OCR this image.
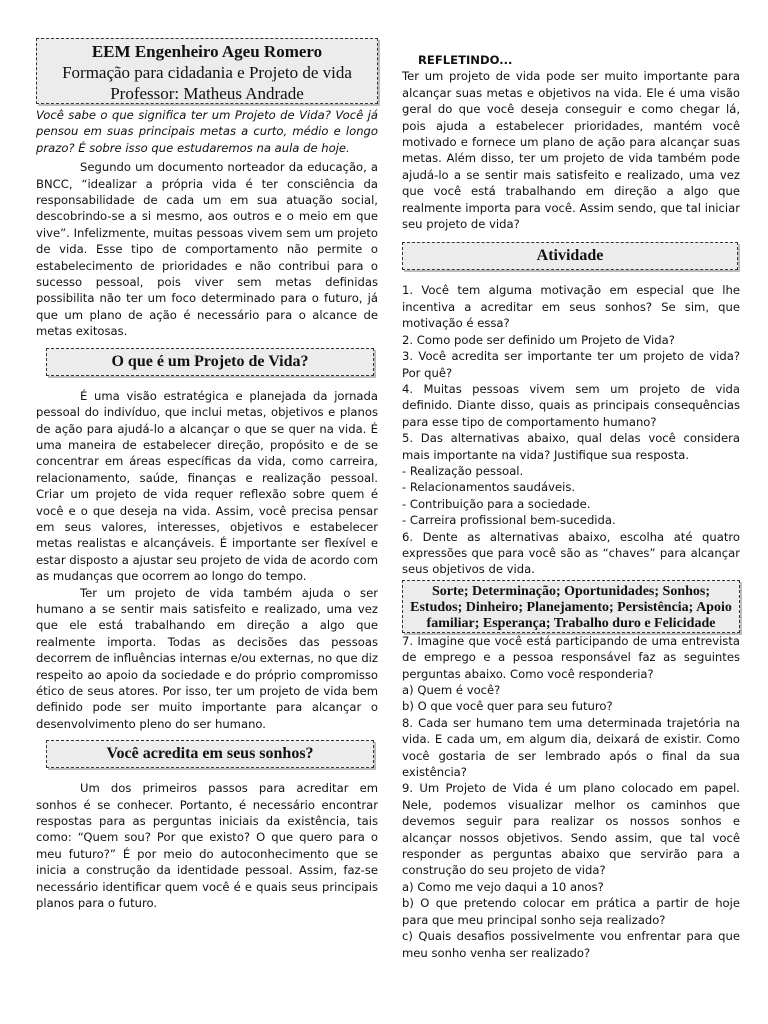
EEM Engenheiro Ageu Romero
Formação para cidadania e Projeto de vida
Professor: Matheus Andrade

Você sabe o que significa ter um Projeto de Vida? Você já pensou em suas principais metas a curto, médio e longo prazo? É sobre isso que estudaremos na aula de hoje.

Segundo um documento norteador da educação, a BNCC, “idealizar a própria vida é ter consciência da responsabilidade de cada um em sua atuação social, descobrindo-se a si mesmo, aos outros e o meio em que vive”. Infelizmente, muitas pessoas vivem sem um projeto de vida. Esse tipo de comportamento não permite o estabelecimento de prioridades e não contribui para o sucesso pessoal, pois viver sem metas definidas possibilita não ter um foco determinado para o futuro, já que um plano de ação é necessário para o alcance de metas exitosas.

O que é um Projeto de Vida?

É uma visão estratégica e planejada da jornada pessoal do indivíduo, que inclui metas, objetivos e planos de ação para ajudá-lo a alcançar o que se quer na vida. É uma maneira de estabelecer direção, propósito e de se concentrar em áreas específicas da vida, como carreira, relacionamento, saúde, finanças e realização pessoal. Criar um projeto de vida requer reflexão sobre quem é você e o que deseja na vida. Assim, você precisa pensar em seus valores, interesses, objetivos e estabelecer metas realistas e alcançáveis. É importante ser flexível e estar disposto a ajustar seu projeto de vida de acordo com as mudanças que ocorrem ao longo do tempo.

Ter um projeto de vida também ajuda o ser humano a se sentir mais satisfeito e realizado, uma vez que ele está trabalhando em direção a algo que realmente importa. Todas as decisões das pessoas decorrem de influências internas e/ou externas, no que diz respeito ao apoio da sociedade e do próprio compromisso ético de seus atores. Por isso, ter um projeto de vida bem definido pode ser muito importante para alcançar o desenvolvimento pleno do ser humano.

Você acredita em seus sonhos?

Um dos primeiros passos para acreditar em sonhos é se conhecer. Portanto, é necessário encontrar respostas para as perguntas iniciais da existência, tais como: “Quem sou? Por que existo? O que quero para o meu futuro?” É por meio do autoconhecimento que se inicia a construção da identidade pessoal. Assim, faz-se necessário identificar quem você é e quais seus principais planos para o futuro.

REFLETINDO...

Ter um projeto de vida pode ser muito importante para alcançar suas metas e objetivos na vida. Ele é uma visão geral do que você deseja conseguir e como chegar lá, pois ajuda a estabelecer prioridades, mantém você motivado e fornece um plano de ação para alcançar suas metas. Além disso, ter um projeto de vida também pode ajudá-lo a se sentir mais satisfeito e realizado, uma vez que você está trabalhando em direção a algo que realmente importa para você. Assim sendo, que tal iniciar seu projeto de vida?

Atividade

1. Você tem alguma motivação em especial que lhe incentiva a acreditar em seus sonhos? Se sim, que motivação é essa?

2. Como pode ser definido um Projeto de Vida?

3. Você acredita ser importante ter um projeto de vida? Por quê?

4. Muitas pessoas vivem sem um projeto de vida definido. Diante disso, quais as principais consequências para esse tipo de comportamento humano?

5. Das alternativas abaixo, qual delas você considera mais importante na vida? Justifique sua resposta.

- Realização pessoal.

- Relacionamentos saudáveis.

- Contribuição para a sociedade.

- Carreira profissional bem-sucedida.

6. Dente as alternativas abaixo, escolha até quatro expressões que para você são as “chaves” para alcançar seus objetivos de vida.

Sorte; Determinação; Oportunidades; Sonhos; Estudos; Dinheiro; Planejamento; Persistência; Apoio familiar; Esperança; Trabalho duro e Felicidade

7. Imagine que você está participando de uma entrevista de emprego e a pessoa responsável faz as seguintes perguntas abaixo. Como você responderia?

a) Quem é você?

b) O que você quer para seu futuro?

8. Cada ser humano tem uma determinada trajetória na vida. E cada um, em algum dia, deixará de existir. Como você gostaria de ser lembrado após o final da sua existência?

9. Um Projeto de Vida é um plano colocado em papel. Nele, podemos visualizar melhor os caminhos que devemos seguir para realizar os nossos sonhos e alcançar nossos objetivos. Sendo assim, que tal você responder as perguntas abaixo que servirão para a construção do seu projeto de vida?

a) Como me vejo daqui a 10 anos?

b) O que pretendo colocar em prática a partir de hoje para que meu principal sonho seja realizado?

c) Quais desafios possivelmente vou enfrentar para que meu sonho venha ser realizado?
